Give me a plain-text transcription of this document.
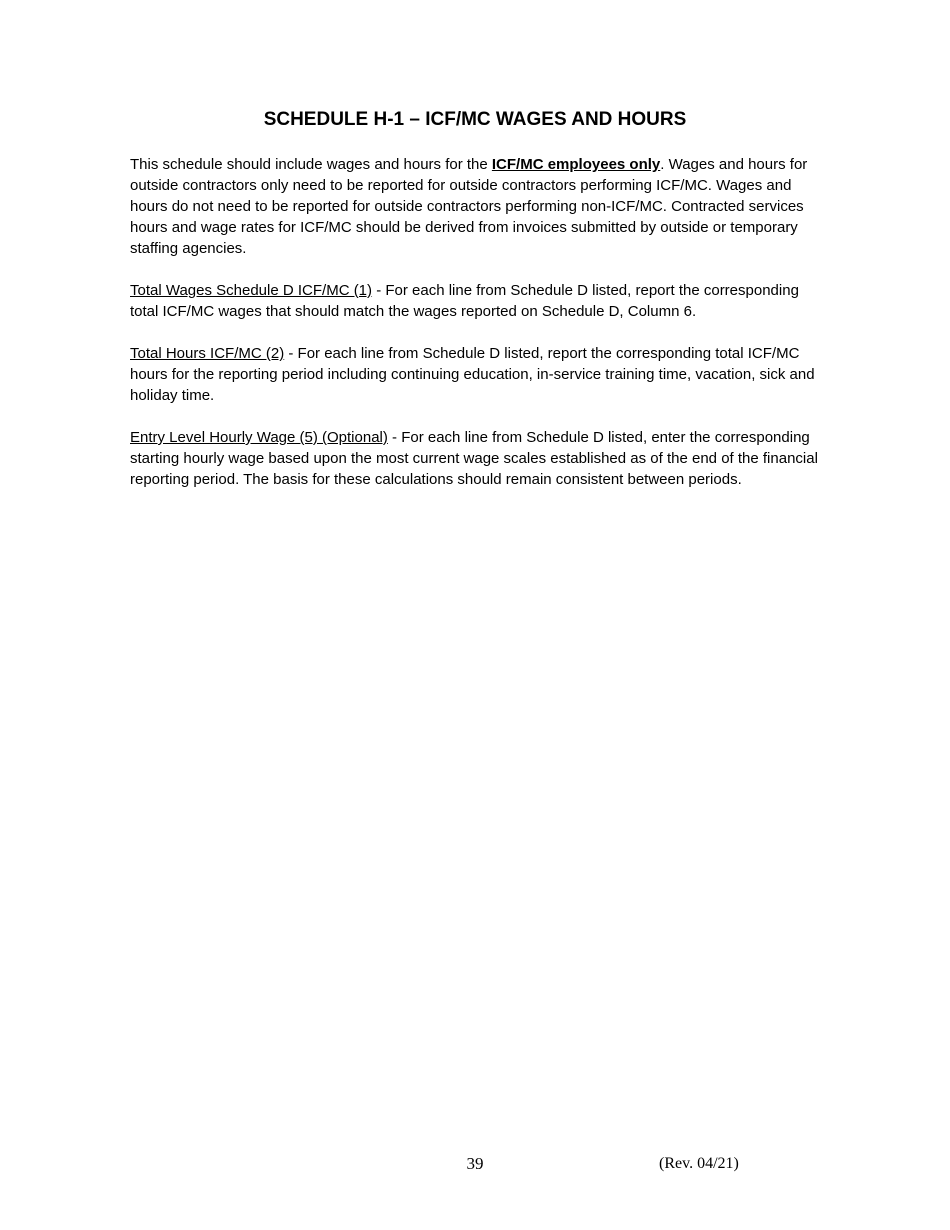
SCHEDULE H-1 – ICF/MC WAGES AND HOURS

This schedule should include wages and hours for the ICF/MC employees only. Wages and hours for outside contractors only need to be reported for outside contractors performing ICF/MC. Wages and hours do not need to be reported for outside contractors performing non-ICF/MC. Contracted services hours and wage rates for ICF/MC should be derived from invoices submitted by outside or temporary staffing agencies.

Total Wages Schedule D ICF/MC (1) - For each line from Schedule D listed, report the corresponding total ICF/MC wages that should match the wages reported on Schedule D, Column 6.

Total Hours ICF/MC (2) - For each line from Schedule D listed, report the corresponding total ICF/MC hours for the reporting period including continuing education, in-service training time, vacation, sick and holiday time.

Entry Level Hourly Wage (5) (Optional) - For each line from Schedule D listed, enter the corresponding starting hourly wage based upon the most current wage scales established as of the end of the financial reporting period. The basis for these calculations should remain consistent between periods.

39	(Rev. 04/21)
